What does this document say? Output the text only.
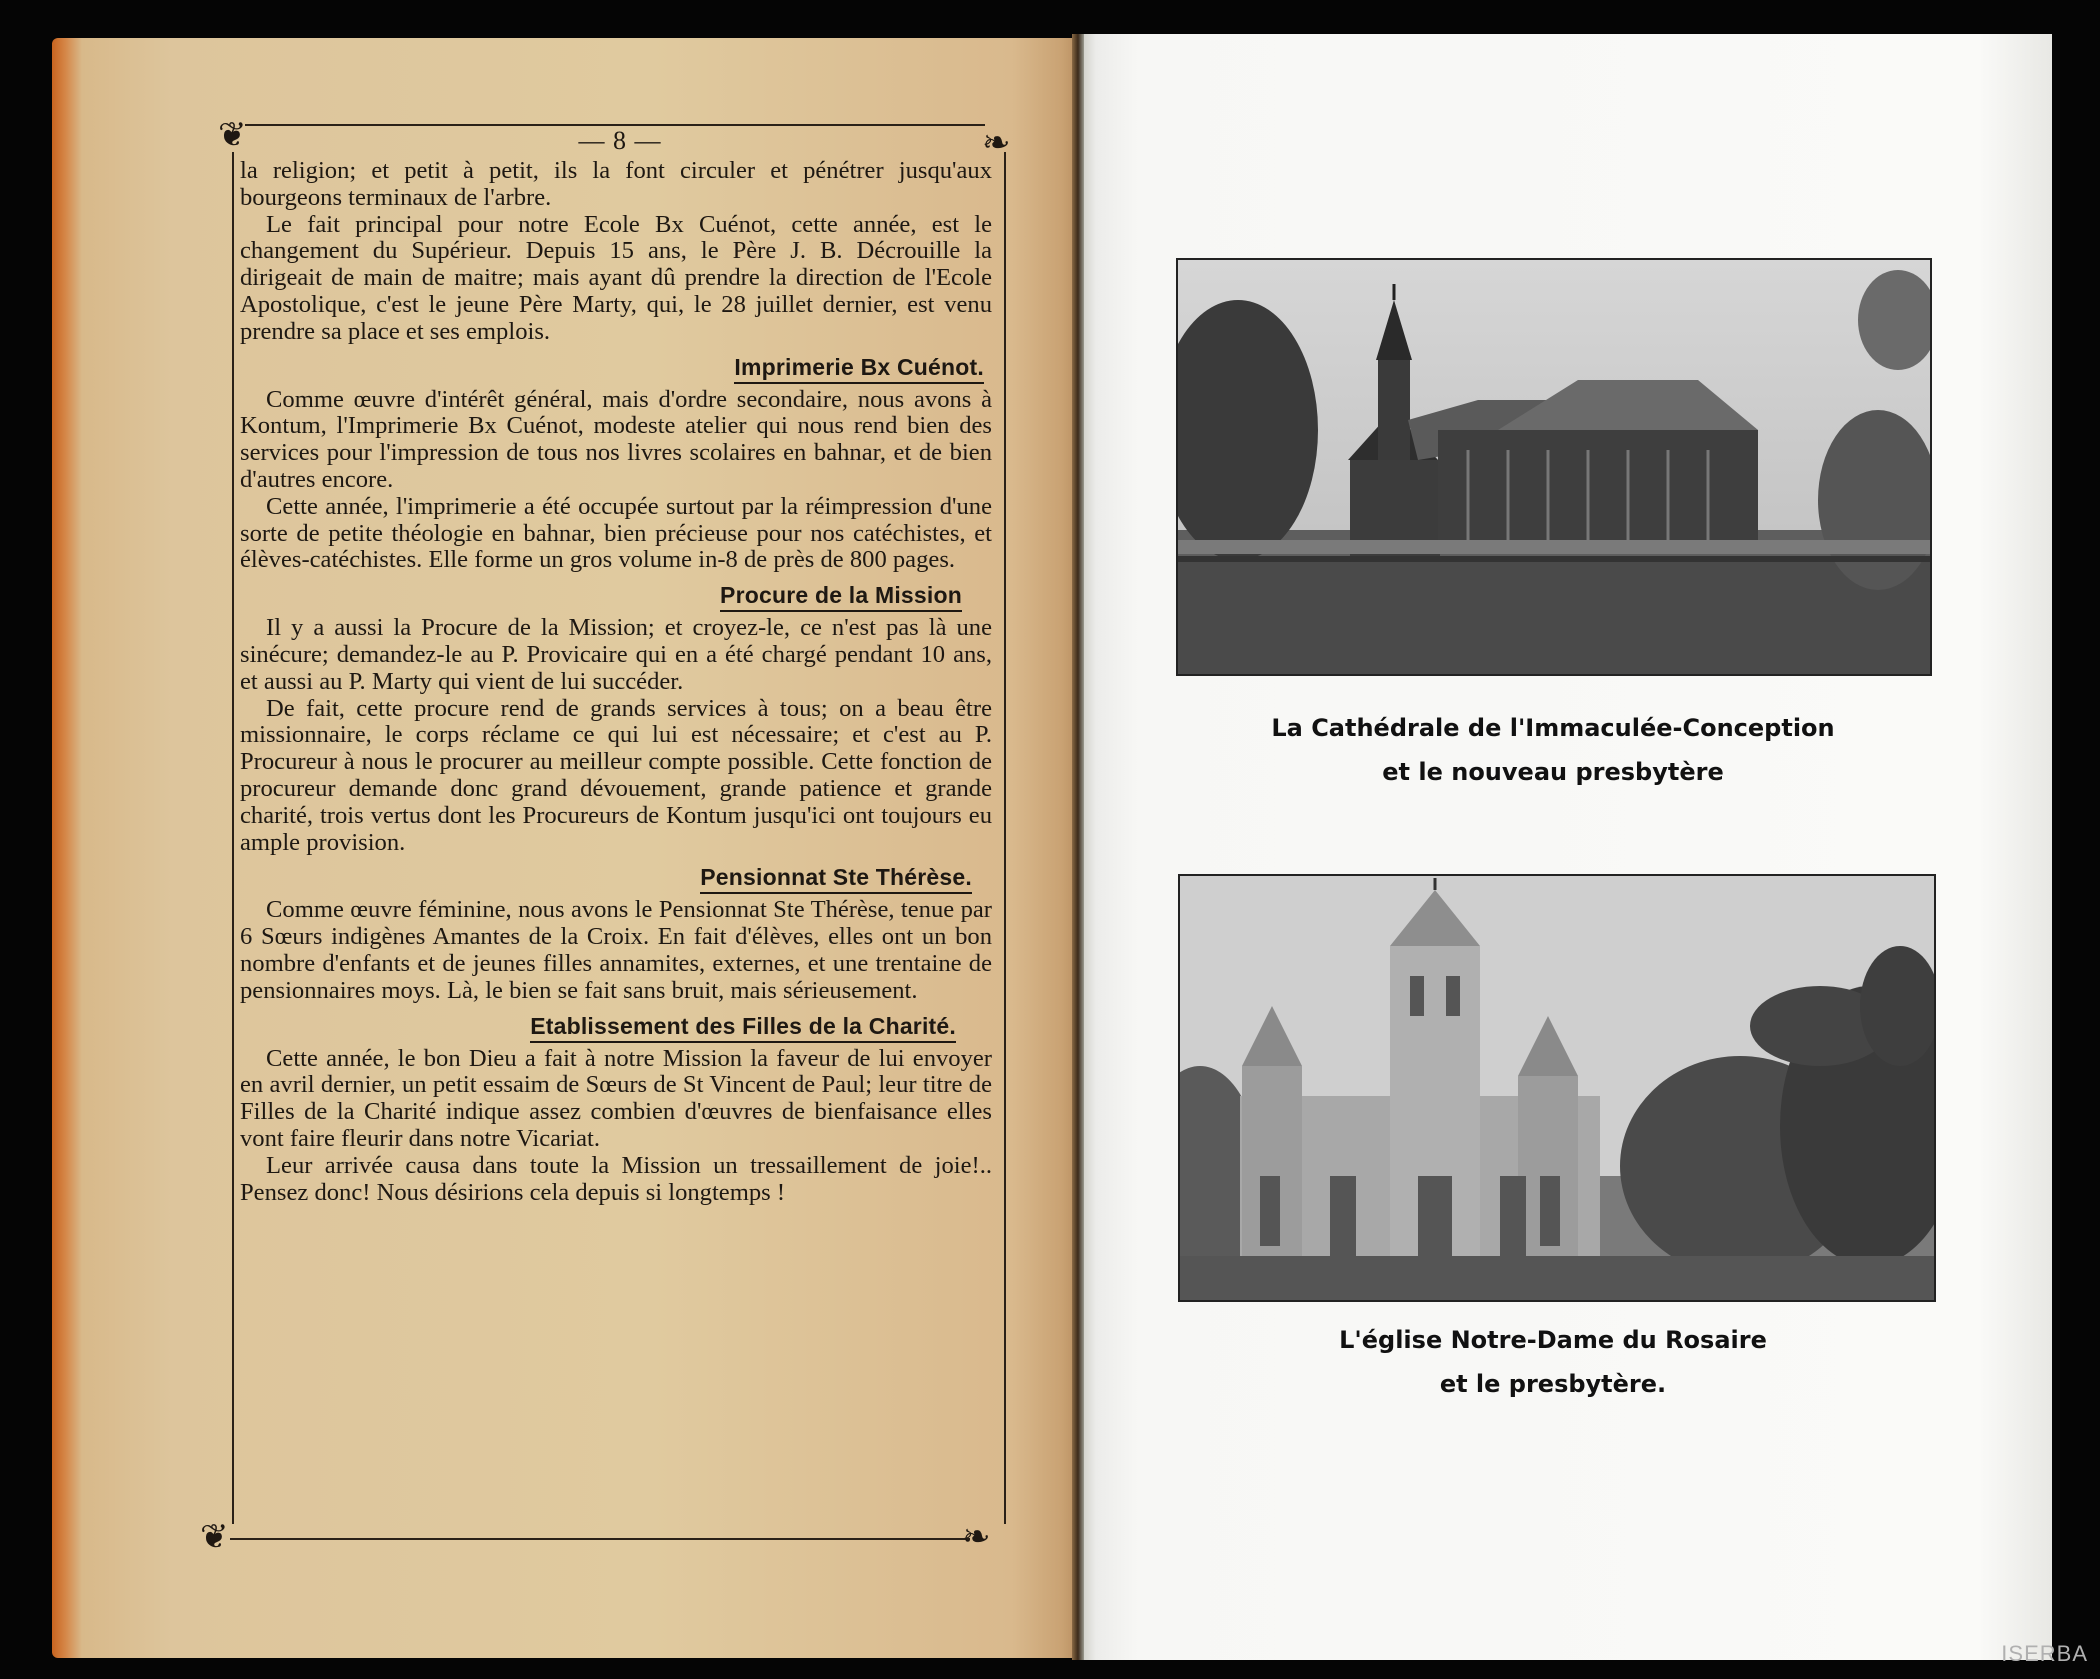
❦	❧
❦	❧
— 8 —

la religion; et petit à petit, ils la font circuler et pénétrer jusqu'aux bourgeons terminaux de l'arbre.

Le fait principal pour notre Ecole Bx Cuénot, cette année, est le changement du Supérieur. Depuis 15 ans, le Père J. B. Décrouille la dirigeait de main de maitre; mais ayant dû prendre la direction de l'Ecole Apostolique, c'est le jeune Père Marty, qui, le 28 juillet dernier, est venu prendre sa place et ses emplois.

Imprimerie Bx Cuénot.

Comme œuvre d'intérêt général, mais d'ordre secondaire, nous avons à Kontum, l'Imprimerie Bx Cuénot, modeste atelier qui nous rend bien des services pour l'impression de tous nos livres scolaires en bahnar, et de bien d'autres encore.

Cette année, l'imprimerie a été occupée surtout par la réimpression d'une sorte de petite théologie en bahnar, bien précieuse pour nos catéchistes, et élèves-catéchistes. Elle forme un gros volume in-8 de près de 800 pages.

Procure de la Mission

Il y a aussi la Procure de la Mission; et croyez-le, ce n'est pas là une sinécure; demandez-le au P. Provicaire qui en a été chargé pendant 10 ans, et aussi au P. Marty qui vient de lui succéder.

De fait, cette procure rend de grands services à tous; on a beau être missionnaire, le corps réclame ce qui lui est nécessaire; et c'est au P. Procureur à nous le procurer au meilleur compte possible. Cette fonction de procureur demande donc grand dévouement, grande patience et grande charité, trois vertus dont les Procureurs de Kontum jusqu'ici ont toujours eu ample provision.

Pensionnat Ste Thérèse.

Comme œuvre féminine, nous avons le Pensionnat Ste Thérèse, tenue par 6 Sœurs indigènes Amantes de la Croix. En fait d'élèves, elles ont un bon nombre d'enfants et de jeunes filles annamites, externes, et une trentaine de pensionnaires moys. Là, le bien se fait sans bruit, mais sérieusement.

Etablissement des Filles de la Charité.

Cette année, le bon Dieu a fait à notre Mission la faveur de lui envoyer en avril dernier, un petit essaim de Sœurs de St Vincent de Paul; leur titre de Filles de la Charité indique assez combien d'œuvres de bienfaisance elles vont faire fleurir dans notre Vicariat.

Leur arrivée causa dans toute la Mission un tressaillement de joie!.. Pensez donc! Nous désirions cela depuis si longtemps !

La Cathédrale de l'Immaculée-Conception
et le nouveau presbytère
L'église Notre-Dame du Rosaire
et le presbytère.
ISERBA
